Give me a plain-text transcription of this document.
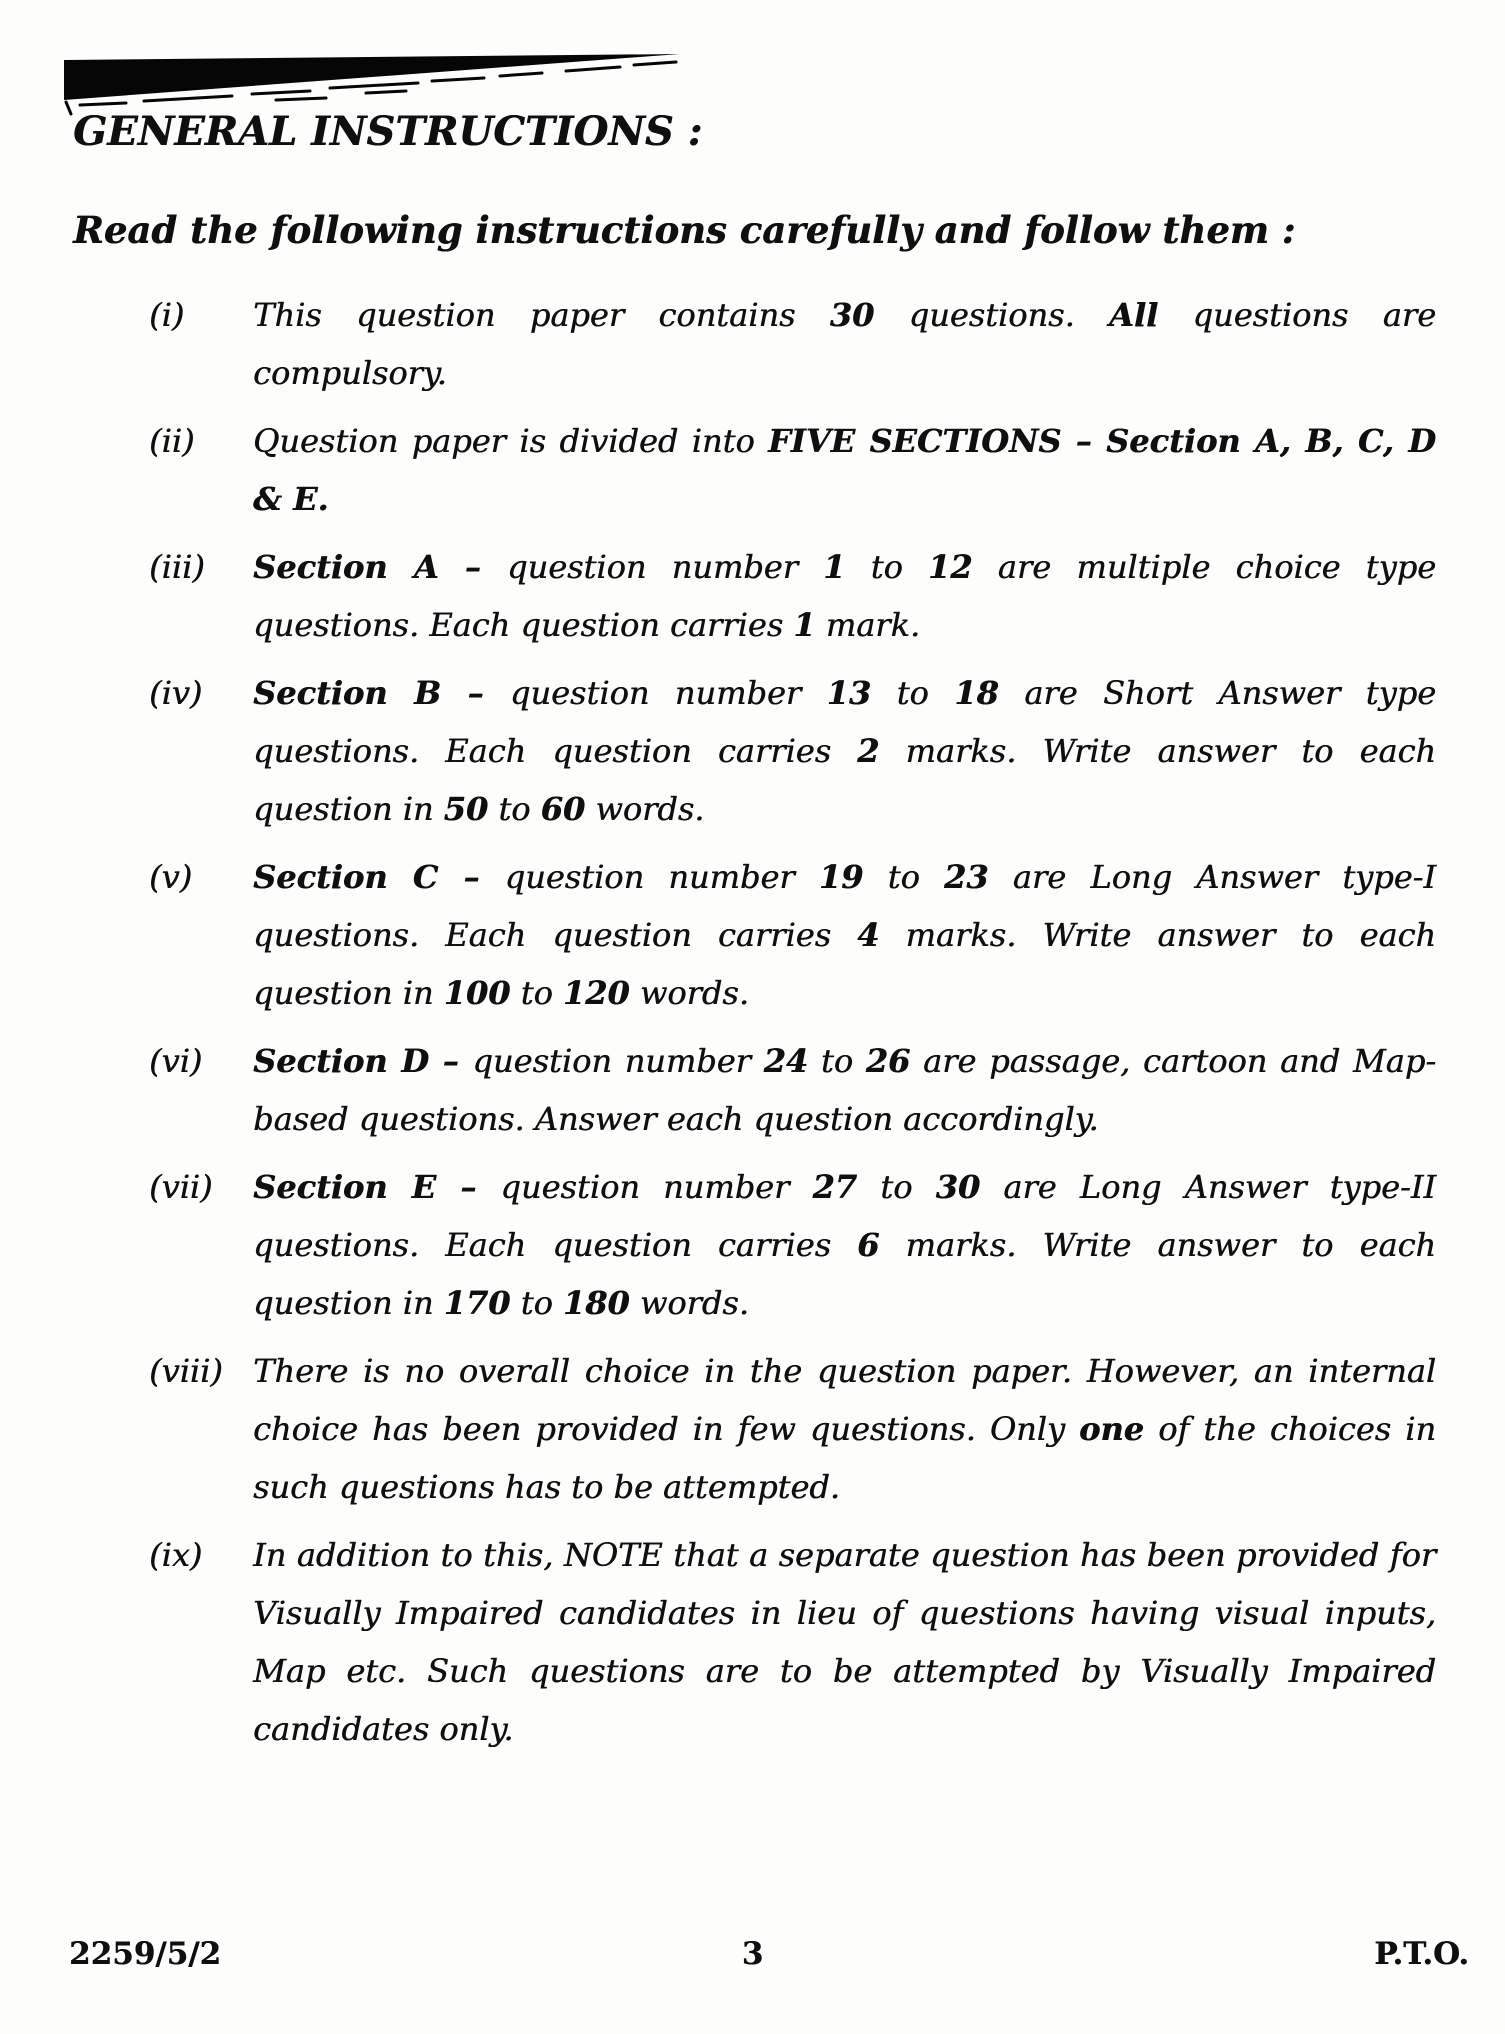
GENERAL INSTRUCTIONS :
Read the following instructions carefully and follow them :
(i)	This question paper contains 30 questions. All questions are compulsory.

(ii)	Question paper is divided into FIVE SECTIONS – Section A, B, C, D & E.

(iii)	Section A – question number 1 to 12 are multiple choice type questions. Each question carries 1 mark.

(iv)	Section B – question number 13 to 18 are Short Answer type questions. Each question carries 2 marks. Write answer to each question in 50 to 60 words.

(v)	Section C – question number 19 to 23 are Long Answer type-I questions. Each question carries 4 marks. Write answer to each question in 100 to 120 words.

(vi)	Section D – question number 24 to 26 are passage, cartoon and Map-based questions. Answer each question accordingly.

(vii)	Section E – question number 27 to 30 are Long Answer type-II questions. Each question carries 6 marks. Write answer to each question in 170 to 180 words.

(viii) There is no overall choice in the question paper. However, an internal choice has been provided in few questions. Only one of the choices in such questions has to be attempted.

(ix)	In addition to this, NOTE that a separate question has been provided for Visually Impaired candidates in lieu of questions having visual inputs, Map etc. Such questions are to be attempted by Visually Impaired candidates only.

2259/5/2	3	P.T.O.
